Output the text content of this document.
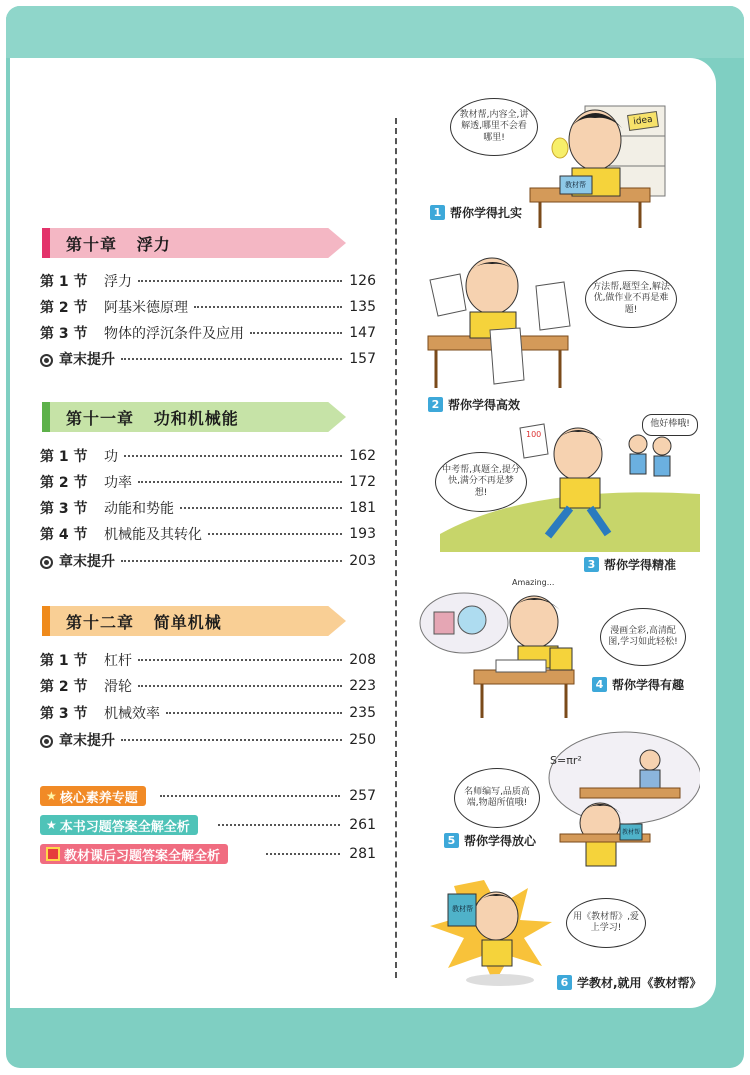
第十章   浮力
第 1 节	浮力	126
第 2 节	阿基米德原理	135
第 3 节	物体的浮沉条件及应用	147
章末提升	157
第十一章   功和机械能
第 1 节	功	162
第 2 节	功率	172
第 3 节	动能和势能	181
第 4 节	机械能及其转化	193
章末提升	203
第十二章   简单机械
第 1 节	杠杆	208
第 2 节	滑轮	223
第 3 节	机械效率	235
章末提升	250
★ 核心素养专题	257
★ 本书习题答案全解全析	261
教材课后习题答案全解全析	281
教材帮,内容全,讲解透,哪里不会看哪里!
idea
教材帮
1 帮你学得扎实
方法帮,题型全,解法优,做作业不再是难题!
2 帮你学得高效
100
中考帮,真题全,提分快,满分不再是梦想!
他好棒哦!
3 帮你学得精准
Amazing...
漫画全彩,高清配图,学习如此轻松!
4 帮你学得有趣
S=πr²
名师编写,品质高端,物超所值哦!
教材帮
5 帮你学得放心
教材帮
用《教材帮》,爱上学习!
6 学教材,就用《教材帮》
